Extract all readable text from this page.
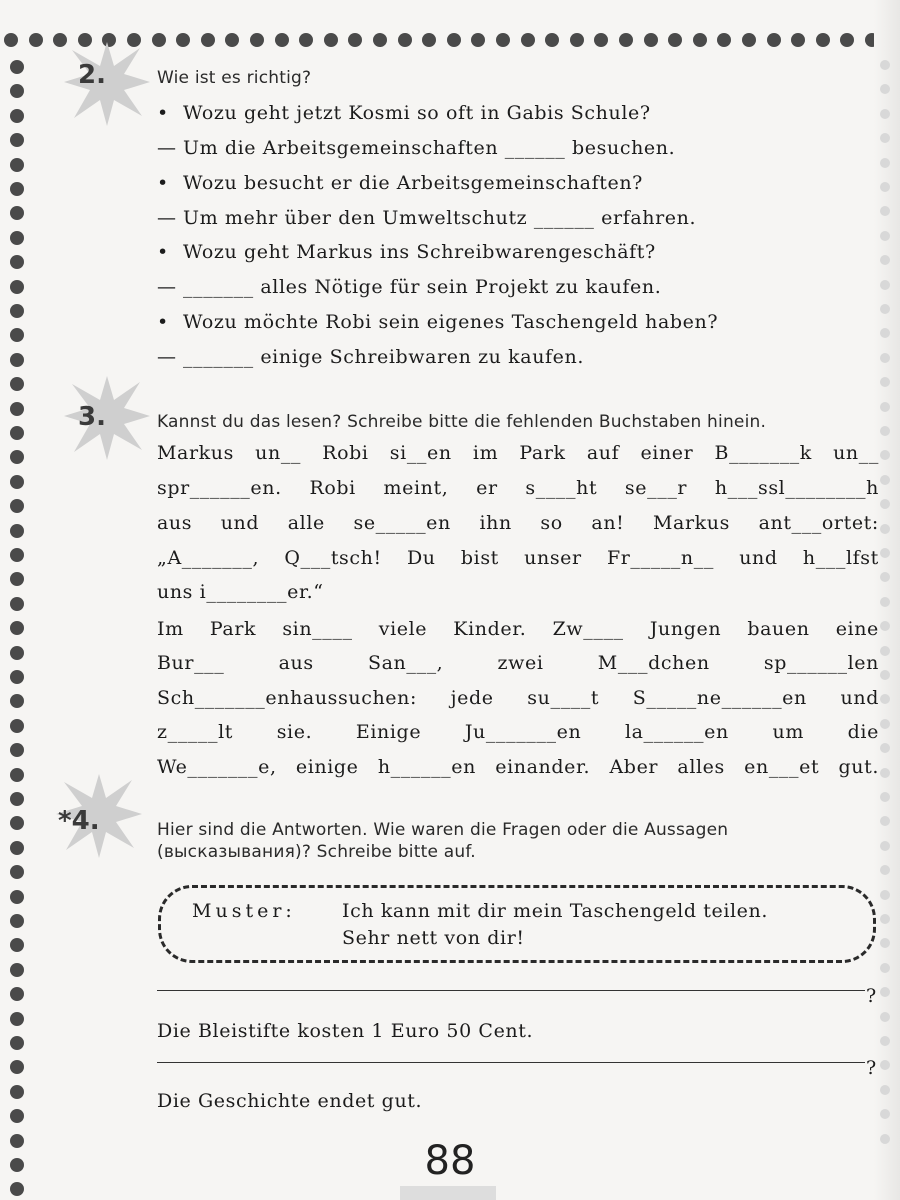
2.	Wie ist es richtig?
• Wozu geht jetzt Kosmi so oft in Gabis Schule?
— Um die Arbeitsgemeinschaften ______ besuchen.
• Wozu besucht er die Arbeitsgemeinschaften?
— Um mehr über den Umweltschutz ______ erfahren.
• Wozu geht Markus ins Schreibwarengeschäft?
— _______ alles Nötige für sein Projekt zu kaufen.
• Wozu möchte Robi sein eigenes Taschengeld haben?
— _______ einige Schreibwaren zu kaufen.
3.	Kannst du das lesen? Schreibe bitte die fehlenden Buchstaben hinein.
Markus un__ Robi si__en im Park auf einer B_______k un__
spr______en. Robi meint, er s____ht se___r h___ssl________h
aus und alle se_____en ihn so an! Markus ant___ortet:
„A_______, Q___tsch! Du bist unser Fr_____n__ und h___lfst
uns i________er.“
Im Park sin____ viele Kinder. Zw____ Jungen bauen eine
Bur___	aus	San___,	zwei	M___dchen	sp______len
Sch_______enhaussuchen: jede su____t S_____ne______en und
z_____lt sie. Einige Ju_______en la______en um die
We_______e, einige h______en einander. Aber alles en___et gut.
*4.	Hier sind die Antworten. Wie waren die Fragen oder die Aussagen
(высказывания)? Schreibe bitte auf.
Muster: Ich kann mit dir mein Taschengeld teilen.
Sehr nett von dir!
?
Die Bleistifte kosten 1 Euro 50 Cent.
?
Die Geschichte endet gut.
88
